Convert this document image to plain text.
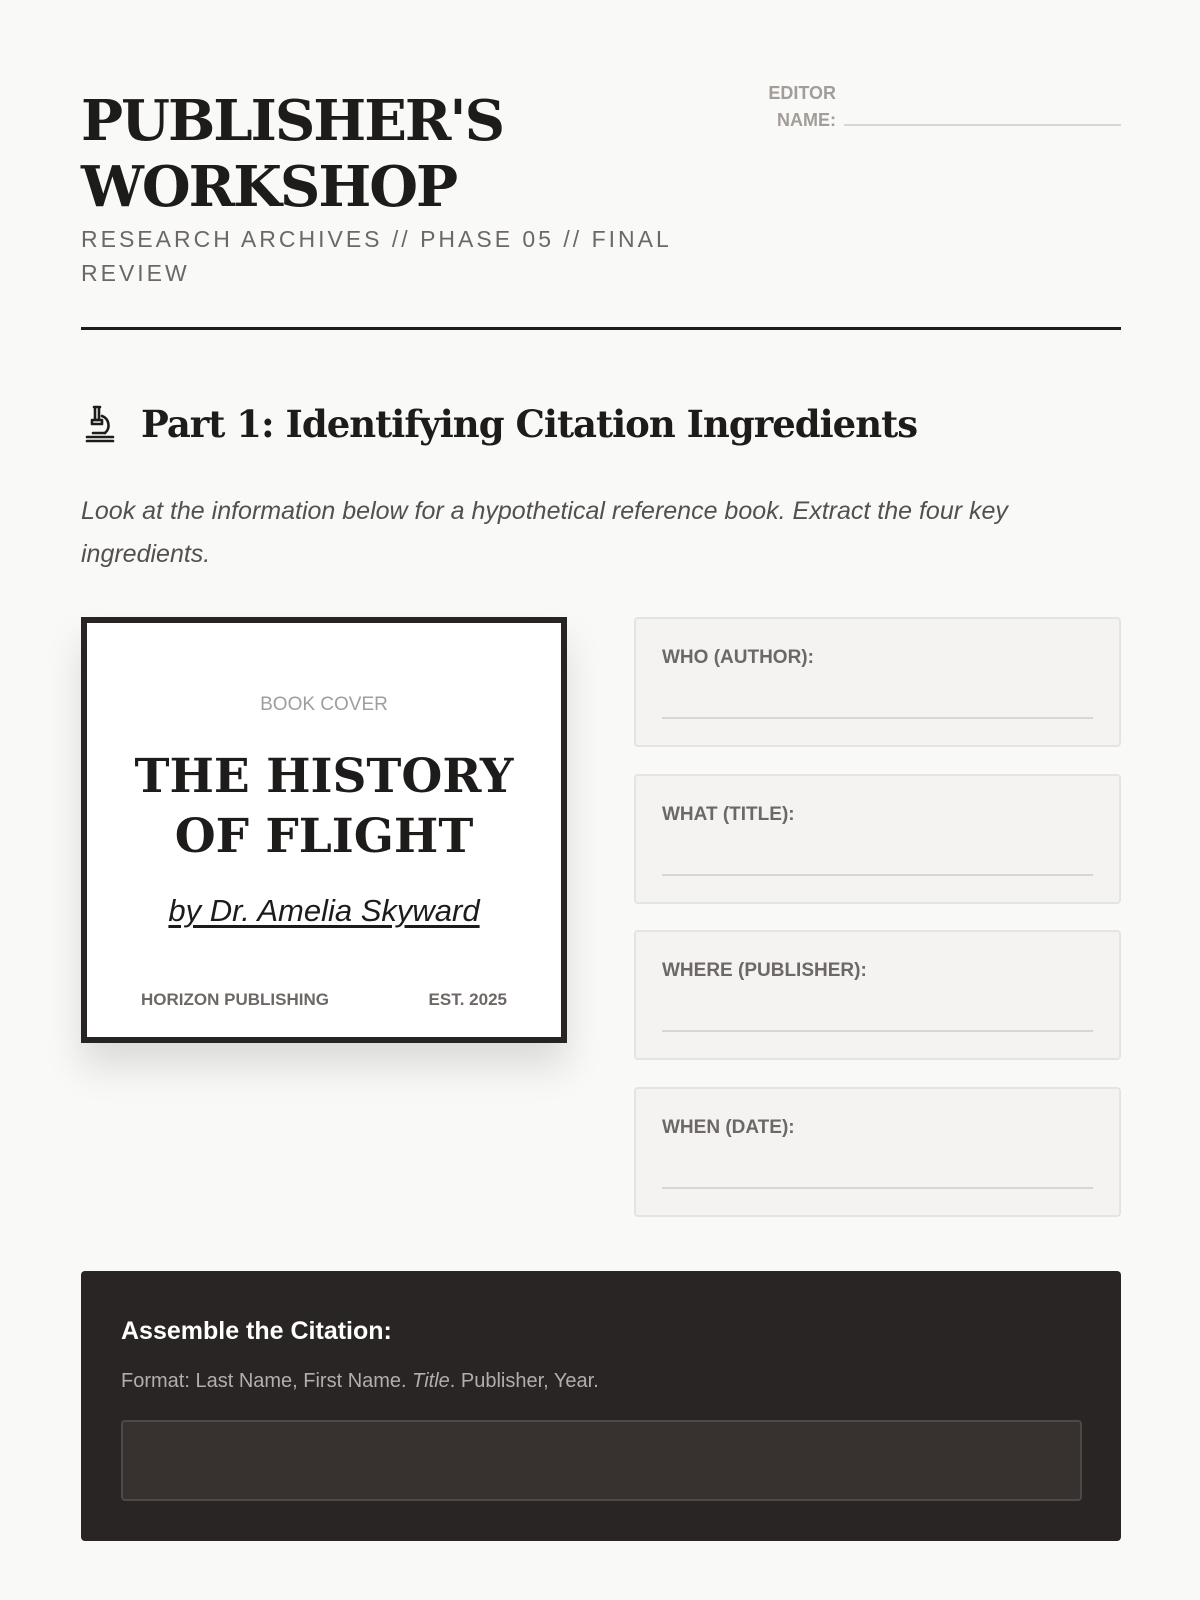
PUBLISHER'S
WORKSHOP
RESEARCH ARCHIVES // PHASE 05 // FINAL REVIEW
EDITOR
NAME:
Part 1: Identifying Citation Ingredients
Look at the information below for a hypothetical reference book. Extract the four key ingredients.
BOOK COVER
THE HISTORY
OF FLIGHT
by Dr. Amelia Skyward
HORIZON PUBLISHING	EST. 2025
WHO (AUTHOR):
WHAT (TITLE):
WHERE (PUBLISHER):
WHEN (DATE):
Assemble the Citation:
Format: Last Name, First Name. Title. Publisher, Year.
